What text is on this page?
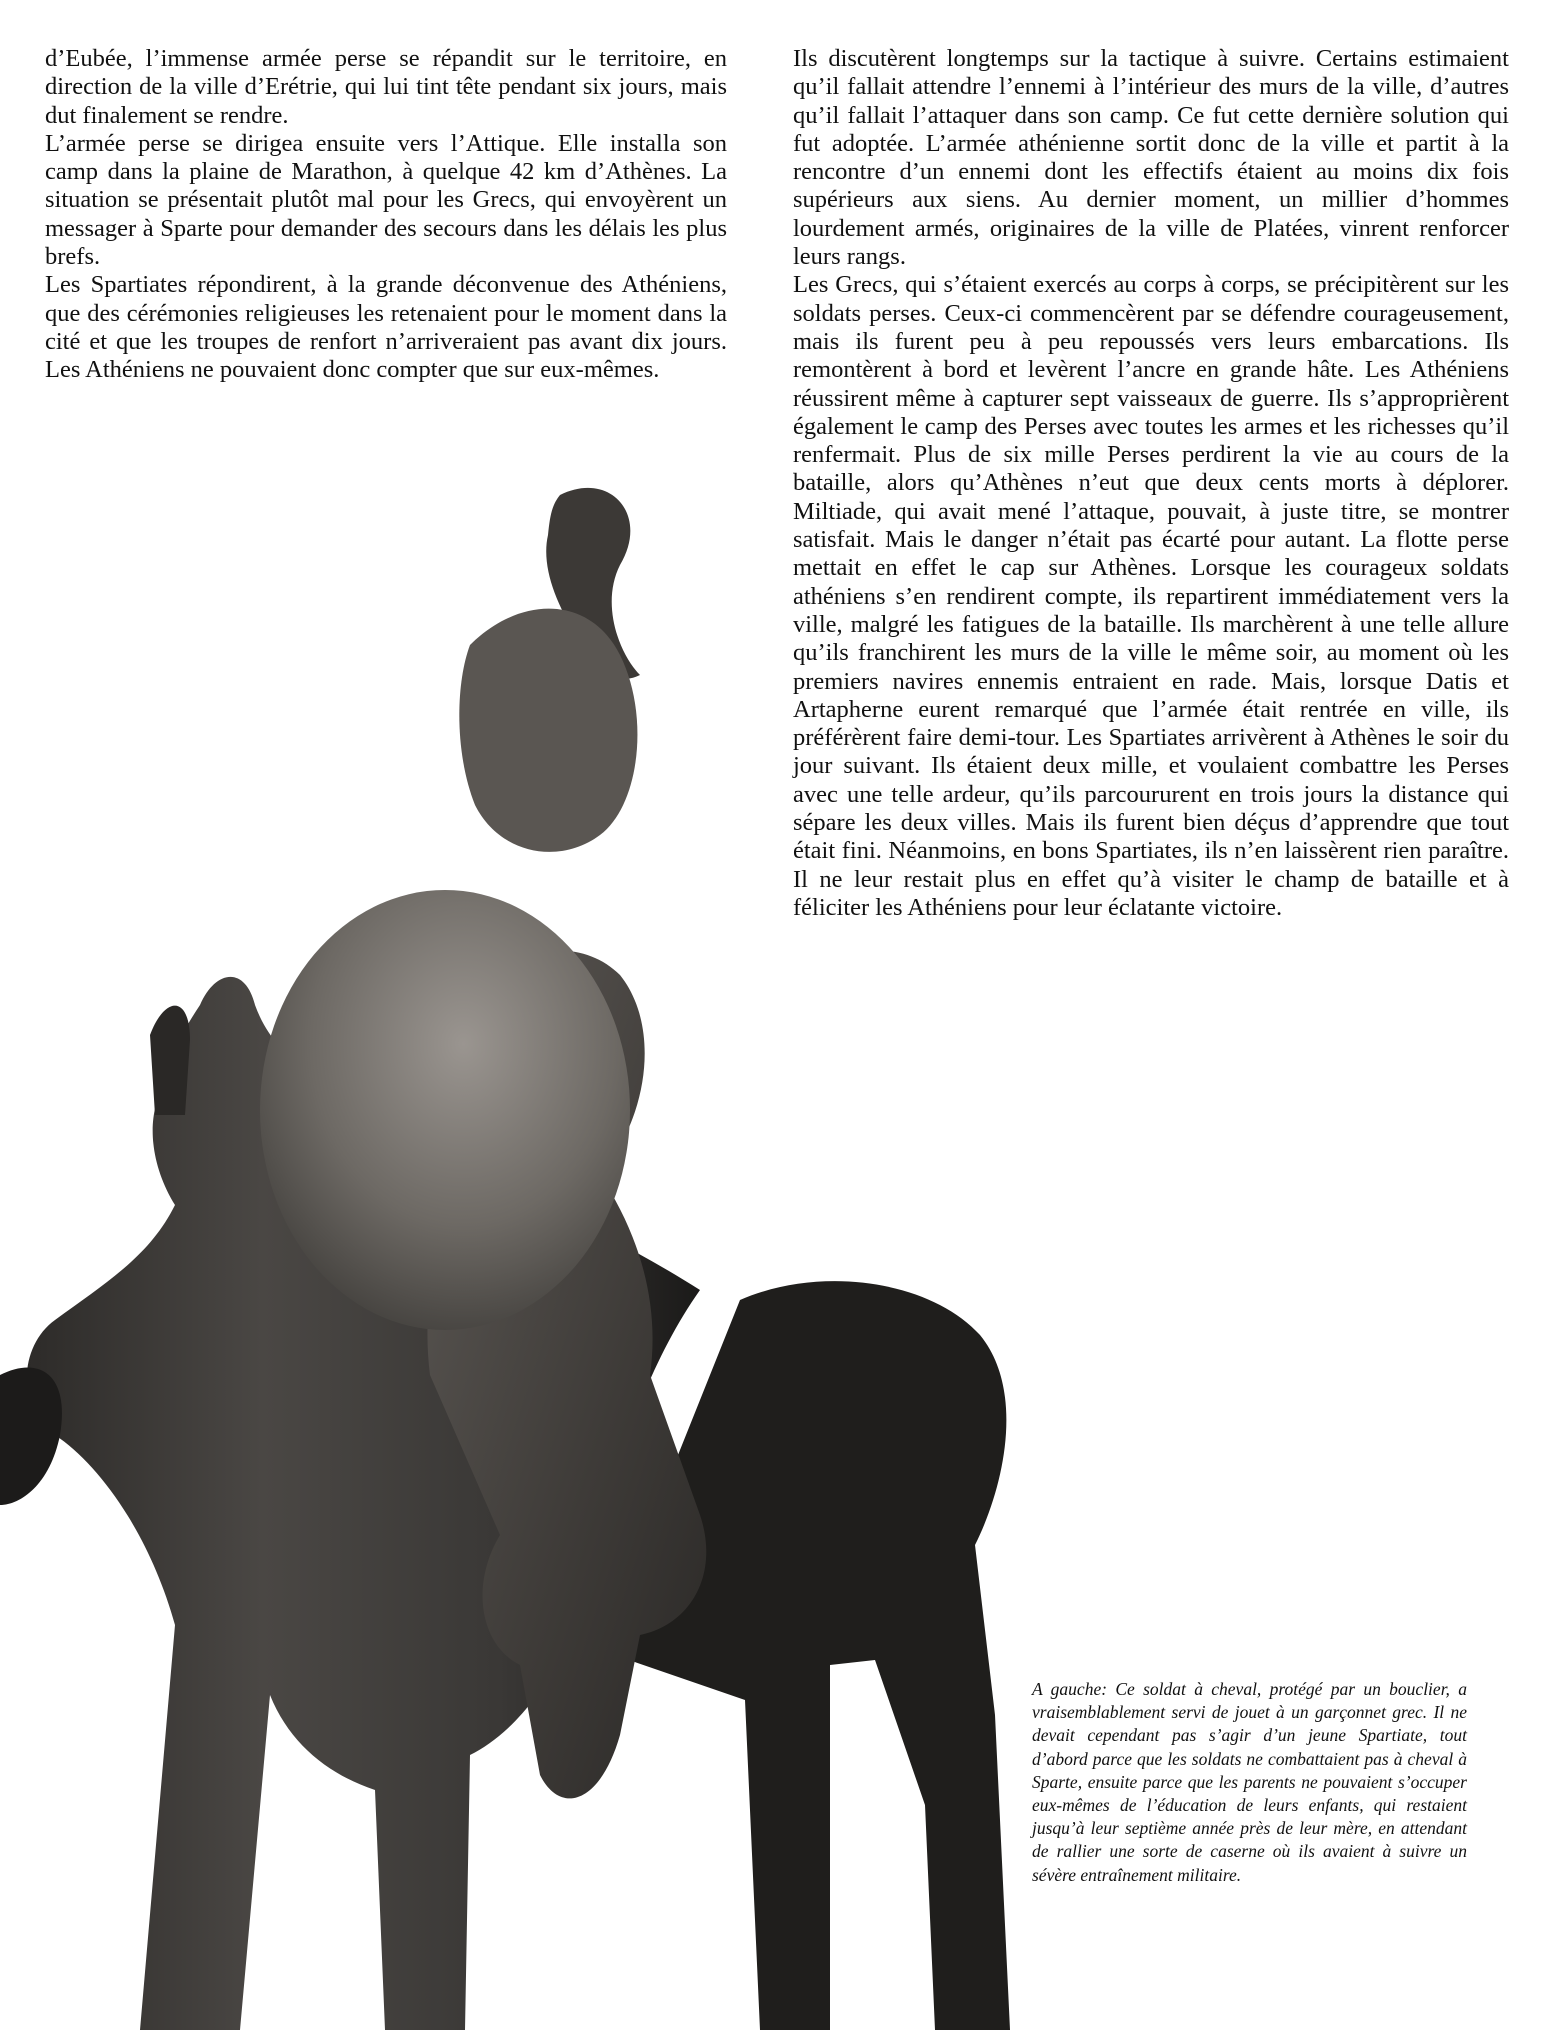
d’Eubée, l’immense armée perse se répandit sur le territoire, en direction de la ville d’Erétrie, qui lui tint tête pendant six jours, mais dut finalement se rendre.

L’armée perse se dirigea ensuite vers l’Attique. Elle installa son camp dans la plaine de Marathon, à quelque 42 km d’Athènes. La situation se présentait plutôt mal pour les Grecs, qui envoyèrent un messager à Sparte pour demander des secours dans les délais les plus brefs.

Les Spartiates répondirent, à la grande déconvenue des Athéniens, que des cérémonies religieuses les retenaient pour le moment dans la cité et que les troupes de renfort n’arriveraient pas avant dix jours. Les Athéniens ne pouvaient donc compter que sur eux-mêmes.

Ils discutèrent longtemps sur la tactique à suivre. Certains estimaient qu’il fallait attendre l’ennemi à l’intérieur des murs de la ville, d’autres qu’il fallait l’attaquer dans son camp. Ce fut cette dernière solution qui fut adoptée. L’armée athénienne sortit donc de la ville et partit à la rencontre d’un ennemi dont les effectifs étaient au moins dix fois supérieurs aux siens. Au dernier moment, un millier d’hommes lourdement armés, originaires de la ville de Platées, vinrent renforcer leurs rangs.

Les Grecs, qui s’étaient exercés au corps à corps, se précipitèrent sur les soldats perses. Ceux-ci commencèrent par se défendre courageusement, mais ils furent peu à peu repoussés vers leurs embarcations. Ils remontèrent à bord et levèrent l’ancre en grande hâte. Les Athéniens réussirent même à capturer sept vaisseaux de guerre. Ils s’approprièrent également le camp des Perses avec toutes les armes et les richesses qu’il renfermait. Plus de six mille Perses perdirent la vie au cours de la bataille, alors qu’Athènes n’eut que deux cents morts à déplorer. Miltiade, qui avait mené l’attaque, pouvait, à juste titre, se montrer satisfait. Mais le danger n’était pas écarté pour autant. La flotte perse mettait en effet le cap sur Athènes. Lorsque les courageux soldats athéniens s’en rendirent compte, ils repartirent immédiatement vers la ville, malgré les fatigues de la bataille. Ils marchèrent à une telle allure qu’ils franchirent les murs de la ville le même soir, au moment où les premiers navires ennemis entraient en rade. Mais, lorsque Datis et Artapherne eurent remarqué que l’armée était rentrée en ville, ils préférèrent faire demi-tour. Les Spartiates arrivèrent à Athènes le soir du jour suivant. Ils étaient deux mille, et voulaient combattre les Perses avec une telle ardeur, qu’ils parcoururent en trois jours la distance qui sépare les deux villes. Mais ils furent bien déçus d’apprendre que tout était fini. Néanmoins, en bons Spartiates, ils n’en laissèrent rien paraître. Il ne leur restait plus en effet qu’à visiter le champ de bataille et à féliciter les Athéniens pour leur éclatante victoire.

A gauche: Ce soldat à cheval, protégé par un bouclier, a vraisemblablement servi de jouet à un garçonnet grec. Il ne devait cependant pas s’agir d’un jeune Spartiate, tout d’abord parce que les soldats ne combattaient pas à cheval à Sparte, ensuite parce que les parents ne pouvaient s’occuper eux-mêmes de l’éducation de leurs enfants, qui restaient jusqu’à leur septième année près de leur mère, en attendant de rallier une sorte de caserne où ils avaient à suivre un sévère entraînement militaire.
